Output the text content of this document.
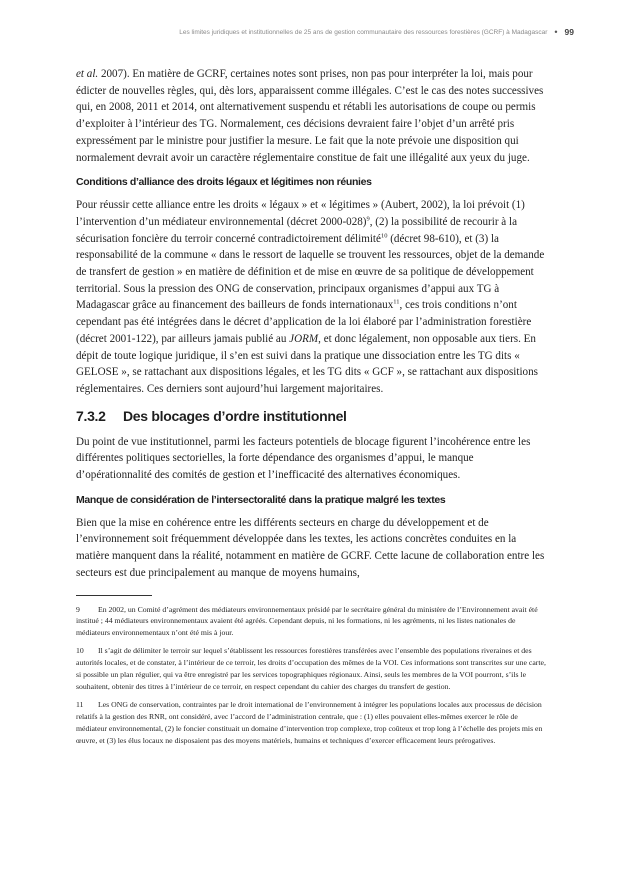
Les limites juridiques et institutionnelles de 25 ans de gestion communautaire des ressources forestières (GCRF) à Madagascar • 99

et al. 2007). En matière de GCRF, certaines notes sont prises, non pas pour interpréter la loi, mais pour édicter de nouvelles règles, qui, dès lors, apparaissent comme illégales. C’est le cas des notes successives qui, en 2008, 2011 et 2014, ont alternativement suspendu et rétabli les autorisations de coupe ou permis d’exploiter à l’intérieur des TG. Normalement, ces décisions devraient faire l’objet d’un arrêté pris expressément par le ministre pour justifier la mesure. Le fait que la note prévoie une disposition qui normalement devrait avoir un caractère réglementaire constitue de fait une illégalité aux yeux du juge.

Conditions d’alliance des droits légaux et légitimes non réunies

Pour réussir cette alliance entre les droits « légaux » et « légitimes » (Aubert, 2002), la loi prévoit (1) l’intervention d’un médiateur environnemental (décret 2000-028)$^9$, (2) la possibilité de recourir à la sécurisation foncière du terroir concerné contradictoirement délimité$^{10}$ (décret 98-610), et (3) la responsabilité de la commune « dans le ressort de laquelle se trouvent les ressources, objet de la demande de transfert de gestion » en matière de définition et de mise en œuvre de sa politique de développement territorial. Sous la pression des ONG de conservation, principaux organismes d’appui aux TG à Madagascar grâce au financement des bailleurs de fonds internationaux$^{11}$, ces trois conditions n’ont cependant pas été intégrées dans le décret d’application de la loi élaboré par l’administration forestière (décret 2001-122), par ailleurs jamais publié au JORM, et donc légalement, non opposable aux tiers. En dépit de toute logique juridique, il s’en est suivi dans la pratique une dissociation entre les TG dits « GELOSE », se rattachant aux dispositions légales, et les TG dits « GCF », se rattachant aux dispositions réglementaires. Ces derniers sont aujourd’hui largement majoritaires.

7.3.2 Des blocages d’ordre institutionnel

Du point de vue institutionnel, parmi les facteurs potentiels de blocage figurent l’incohérence entre les différentes politiques sectorielles, la forte dépendance des organismes d’appui, le manque d’opérationnalité des comités de gestion et l’inefficacité des alternatives économiques.

Manque de considération de l’intersectoralité dans la pratique malgré les textes

Bien que la mise en cohérence entre les différents secteurs en charge du développement et de l’environnement soit fréquemment développée dans les textes, les actions concrètes conduites en la matière manquent dans la réalité, notamment en matière de GCRF. Cette lacune de collaboration entre les secteurs est due principalement au manque de moyens humains,

9 En 2002, un Comité d’agrément des médiateurs environnementaux présidé par le secrétaire général du ministère de l’Environnement avait été institué ; 44 médiateurs environnementaux avaient été agréés. Cependant depuis, ni les formations, ni les agréments, ni les listes nationales de médiateurs environnementaux n’ont été mis à jour.

10 Il s’agit de délimiter le terroir sur lequel s’établissent les ressources forestières transférées avec l’ensemble des populations riveraines et des autorités locales, et de constater, à l’intérieur de ce terroir, les droits d’occupation des mêmes de la VOI. Ces informations sont transcrites sur une carte, si possible un plan régulier, qui va être enregistré par les services topographiques régionaux. Ainsi, seuls les membres de la VOI pourront, s’ils le souhaitent, obtenir des titres à l’intérieur de ce terroir, en respect cependant du cahier des charges du transfert de gestion.

11 Les ONG de conservation, contraintes par le droit international de l’environnement à intégrer les populations locales aux processus de décision relatifs à la gestion des RNR, ont considéré, avec l’accord de l’administration centrale, que : (1) elles pouvaient elles-mêmes exercer le rôle de médiateur environnemental, (2) le foncier constituait un domaine d’intervention trop complexe, trop coûteux et trop long à l’échelle des projets mis en œuvre, et (3) les élus locaux ne disposaient pas des moyens matériels, humains et techniques d’exercer efficacement leurs prérogatives.
